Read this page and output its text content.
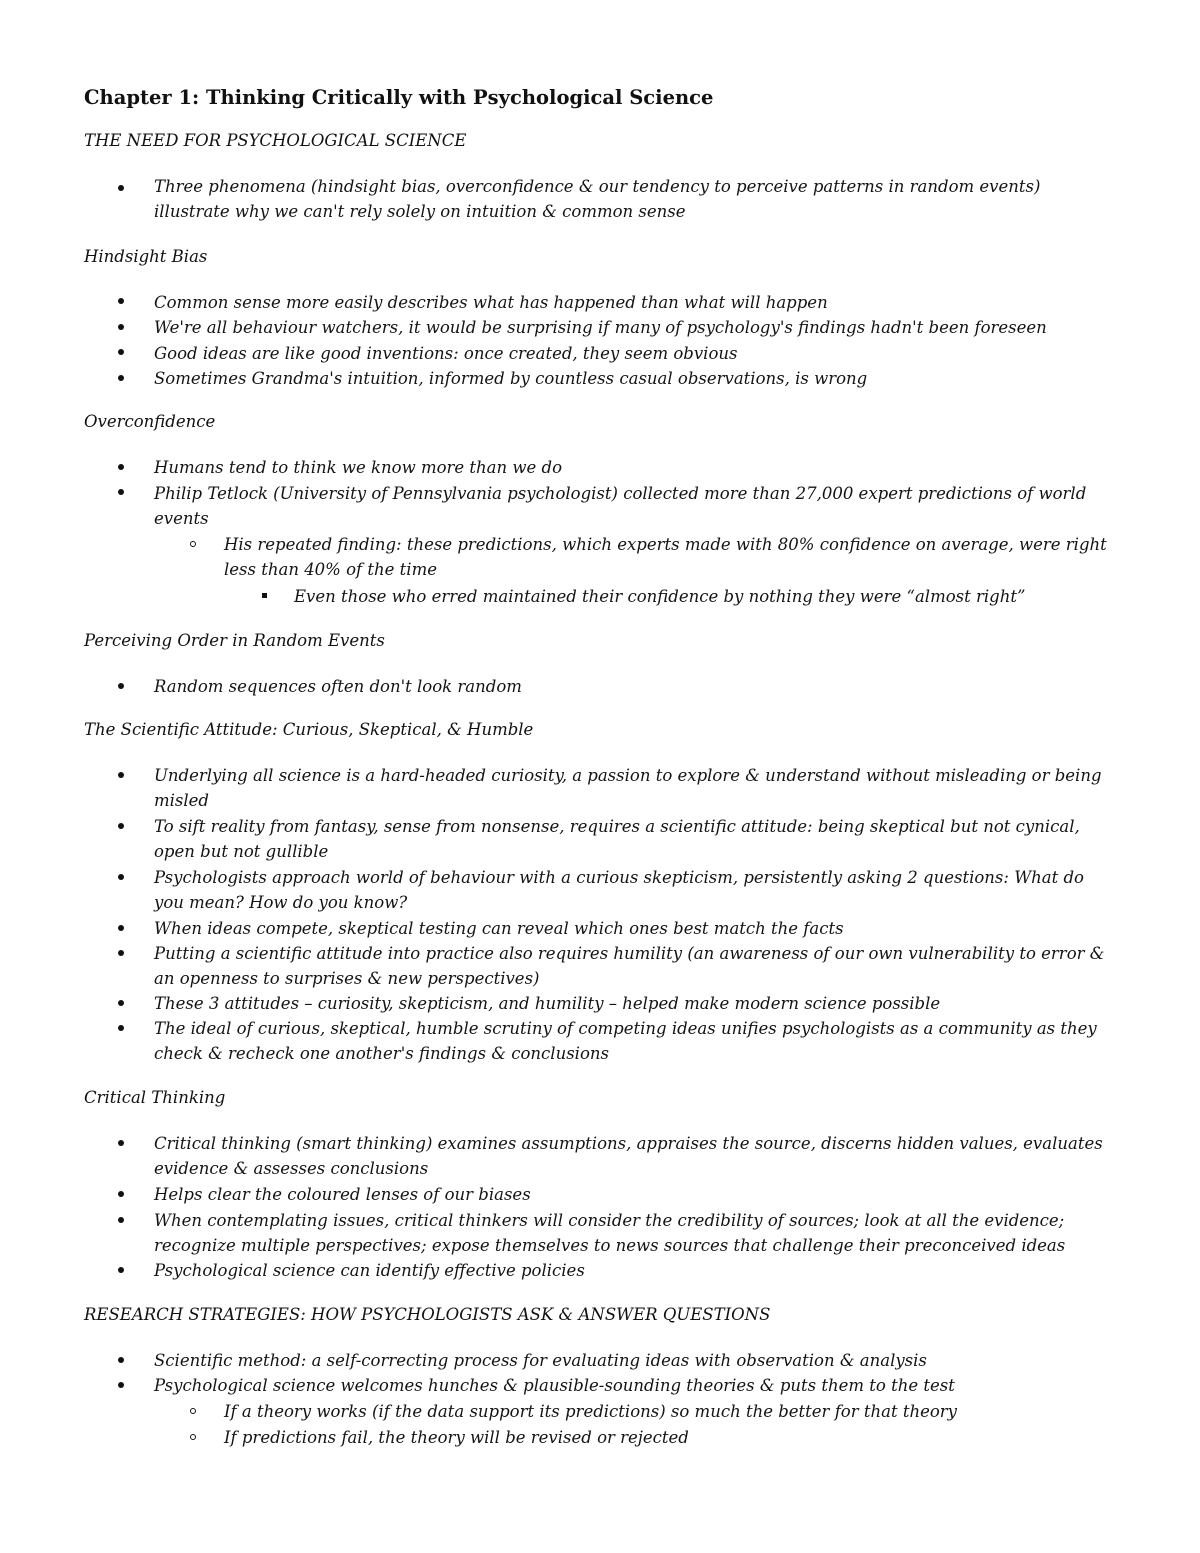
Chapter 1: Thinking Critically with Psychological Science
THE NEED FOR PSYCHOLOGICAL SCIENCE
Three phenomena (hindsight bias, overconfidence & our tendency to perceive patterns in random events) illustrate why we can't rely solely on intuition & common sense
Hindsight Bias
Common sense more easily describes what has happened than what will happen
We're all behaviour watchers, it would be surprising if many of psychology's findings hadn't been foreseen
Good ideas are like good inventions: once created, they seem obvious
Sometimes Grandma's intuition, informed by countless casual observations, is wrong
Overconfidence
Humans tend to think we know more than we do
Philip Tetlock (University of Pennsylvania psychologist) collected more than 27,000 expert predictions of world events
His repeated finding: these predictions, which experts made with 80% confidence on average, were right less than 40% of the time
Even those who erred maintained their confidence by nothing they were “almost right”
Perceiving Order in Random Events
Random sequences often don't look random
The Scientific Attitude: Curious, Skeptical, & Humble
Underlying all science is a hard-headed curiosity, a passion to explore & understand without misleading or being misled
To sift reality from fantasy, sense from nonsense, requires a scientific attitude: being skeptical but not cynical, open but not gullible
Psychologists approach world of behaviour with a curious skepticism, persistently asking 2 questions: What do you mean? How do you know?
When ideas compete, skeptical testing can reveal which ones best match the facts
Putting a scientific attitude into practice also requires humility (an awareness of our own vulnerability to error & an openness to surprises & new perspectives)
These 3 attitudes – curiosity, skepticism, and humility – helped make modern science possible
The ideal of curious, skeptical, humble scrutiny of competing ideas unifies psychologists as a community as they check & recheck one another's findings & conclusions
Critical Thinking
Critical thinking (smart thinking) examines assumptions, appraises the source, discerns hidden values, evaluates evidence & assesses conclusions
Helps clear the coloured lenses of our biases
When contemplating issues, critical thinkers will consider the credibility of sources; look at all the evidence; recognize multiple perspectives; expose themselves to news sources that challenge their preconceived ideas
Psychological science can identify effective policies
RESEARCH STRATEGIES: HOW PSYCHOLOGISTS ASK & ANSWER QUESTIONS
Scientific method: a self-correcting process for evaluating ideas with observation & analysis
Psychological science welcomes hunches & plausible-sounding theories & puts them to the test
If a theory works (if the data support its predictions) so much the better for that theory
If predictions fail, the theory will be revised or rejected
